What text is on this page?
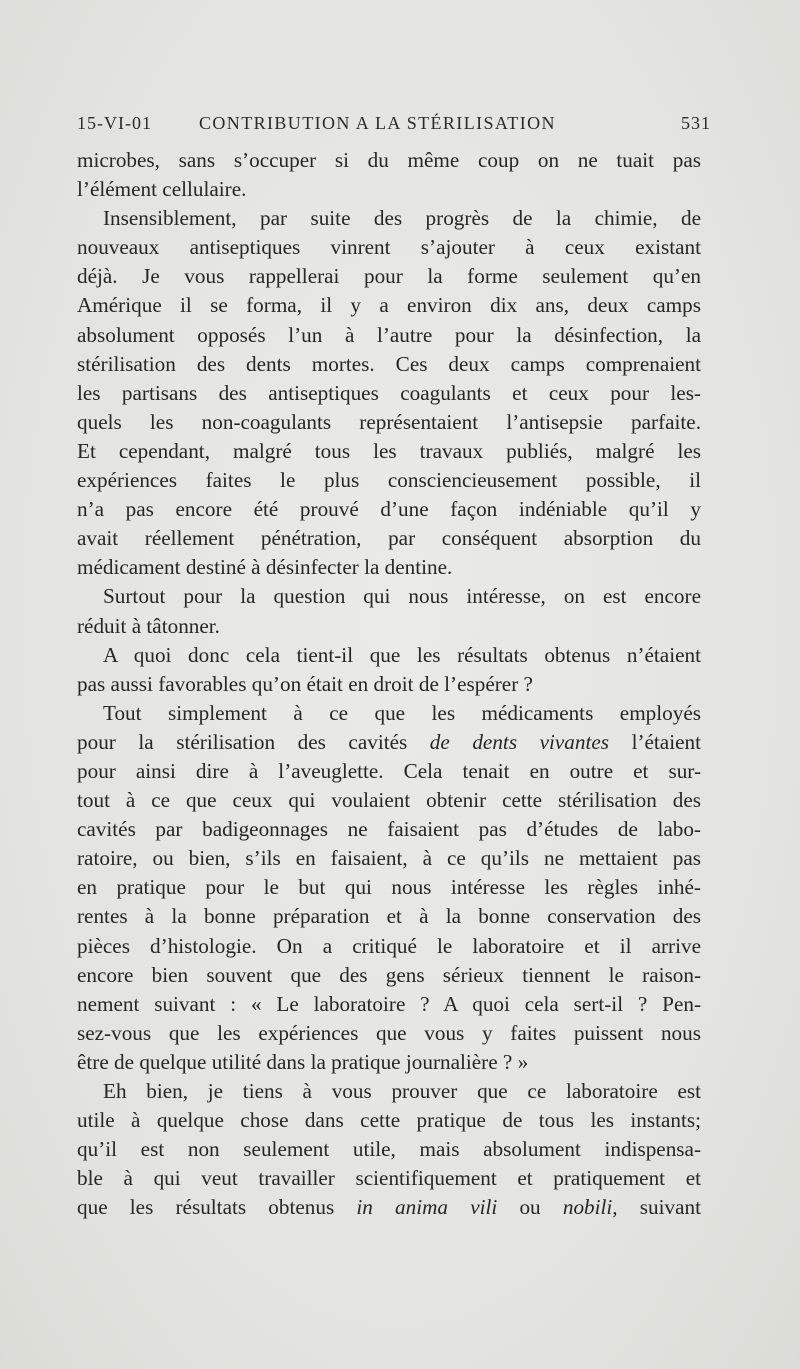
15-VI-01	CONTRIBUTION A LA STÉRILISATION	531
microbes, sans s’occuper si du même coup on ne tuait pas
l’élément cellulaire.
Insensiblement, par suite des progrès de la chimie, de
nouveaux antiseptiques vinrent s’ajouter à ceux existant
déjà. Je vous rappellerai pour la forme seulement qu’en
Amérique il se forma, il y a environ dix ans, deux camps
absolument opposés l’un à l’autre pour la désinfection, la
stérilisation des dents mortes. Ces deux camps comprenaient
les partisans des antiseptiques coagulants et ceux pour les-
quels les non-coagulants représentaient l’antisepsie parfaite.
Et cependant, malgré tous les travaux publiés, malgré les
expériences faites le plus consciencieusement possible, il
n’a pas encore été prouvé d’une façon indéniable qu’il y
avait réellement pénétration, par conséquent absorption du
médicament destiné à désinfecter la dentine.
Surtout pour la question qui nous intéresse, on est encore
réduit à tâtonner.
A quoi donc cela tient-il que les résultats obtenus n’étaient
pas aussi favorables qu’on était en droit de l’espérer ?
Tout simplement à ce que les médicaments employés
pour la stérilisation des cavités de dents vivantes l’étaient
pour ainsi dire à l’aveuglette. Cela tenait en outre et sur-
tout à ce que ceux qui voulaient obtenir cette stérilisation des
cavités par badigeonnages ne faisaient pas d’études de labo-
ratoire, ou bien, s’ils en faisaient, à ce qu’ils ne mettaient pas
en pratique pour le but qui nous intéresse les règles inhé-
rentes à la bonne préparation et à la bonne conservation des
pièces d’histologie. On a critiqué le laboratoire et il arrive
encore bien souvent que des gens sérieux tiennent le raison-
nement suivant : « Le laboratoire ? A quoi cela sert-il ? Pen-
sez-vous que les expériences que vous y faites puissent nous
être de quelque utilité dans la pratique journalière ? »
Eh bien, je tiens à vous prouver que ce laboratoire est
utile à quelque chose dans cette pratique de tous les instants;
qu’il est non seulement utile, mais absolument indispensa-
ble à qui veut travailler scientifiquement et pratiquement et
que les résultats obtenus in anima vili ou nobili, suivant
